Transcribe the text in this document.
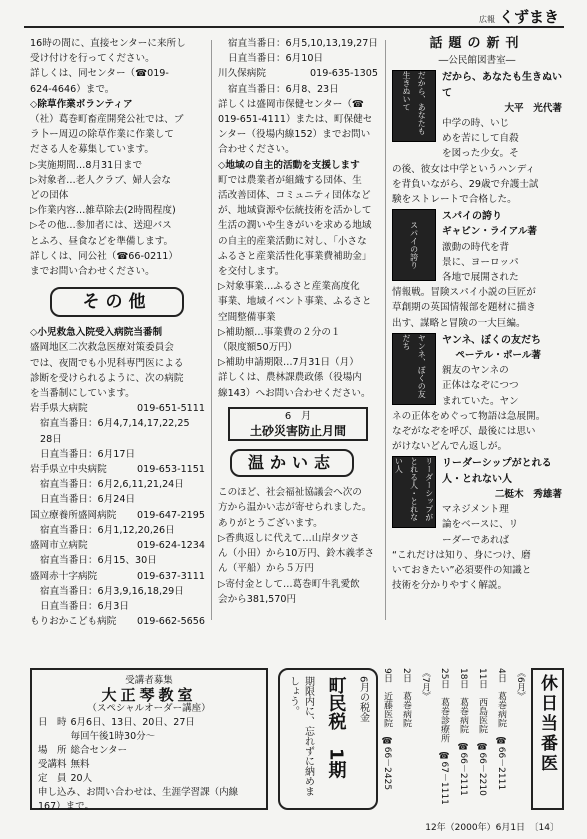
広報 くずまき

16時の間に、直接センターに来所し

受け付けを行ってください。

詳しくは、同センター（☎019-

624-4646）まで。

◇除草作業ボランティア

（社）葛巻町畜産開発公社では、ブ

ラ卜ー周辺の除草作業に作業して

ださる人を募集しています。

▷実施期間…8月31日まで

▷対象者…老人クラブ、婦人会な

どの団体

▷作業内容…雑草除去(2時間程度)

▷その他…参加者には、送迎バス

とふろ、昼食などを準備します。

詳しくは、同公社（☎66-0211）

までお問い合わせください。

その他

◇小児救急入院受入病院当番制

盛岡地区二次救急医療対策委員会

では、夜間でも小児科専門医による

診断を受けられるように、次の病院

を当番制にしています。

岩手県大病院	019-651-5111

宿直当番日：6月4,7,14,17,22,25

28日

日直当番日：6月17日

岩手県立中央病院	019-653-1151

宿直当番日：6月2,6,11,21,24日

日直当番日：6月24日

国立療養所盛岡病院 019-647-2195

宿直当番日：6月1,12,20,26日

盛岡市立病院	019-624-1234

宿直当番日：6月15、30日

盛岡赤十字病院	019-637-3111

宿直当番日：6月3,9,16,18,29日

日直当番日：6月3日

もりおかこども病院 019-662-5656

宿直当番日：6月5,10,13,19,27日

日直当番日：6月10日

川久保病院	019-635-1305

宿直当番日：6月8、23日

詳しくは盛岡市保健センター（☎

019-651-4111）または、町保健セ

ンター（役場内線152）までお問い

合わせください。

◇地域の自主的活動を支援します

町では農業者が組織する団体、生

活改善団体、コミュニティ団体など

が、地域資源や伝統技術を活かして

生活の潤いや生きがいを求める地域

の自主的産業活動に対し、「小さな

ふるさと産業活性化事業費補助金」

を交付します。

▷対象事業…ふるさと産業高度化

事業、地域イベント事業、ふるさと

空間整備事業

▷補助額…事業費の２分の１

（限度額50万円）

▷補助申請期限…7月31日（月）

詳しくは、農林課農政係（役場内

線143）へお問い合わせください。

6　月
土砂災害防止月間
温かい志

このほど、社会福祉協議会へ次の

方から温かい志が寄せられました。

ありがとうございます。

▷香典返しに代えて…山岸タツさ

ん（小田）から10万円、鈴木義孝さ

ん（平船）から５万円

▷寄付金として…葛巻町牛乳愛飲

会から381,570円

話題の新刊
―公民館図書室―
だから、あなたも生きぬいて	だから、あなたも生きぬいて
大平　光代著

中学の時、いじ

めを苦にして自殺

を図った少女。そ

の後、彼女は中学というハンディ

を背負いながら、29歳で弁護士試

験をストレートで合格した。

スパイの誇り
スパイの誇り
ギャビン・ライアル著

激動の時代を背

景に、ヨーロッパ

各地で展開された

情報戦。冒険スパイ小説の巨匠が

草創期の英国情報部を題材に描き

出す、謀略と冒険の一大巨編。

ヤンネ、ぼくの友だち	ヤンネ、ぼくの友だち
ペーテル・ポール著

親友のヤンネの

正体はなぞにつつ

まれていた。ヤン

ネの正体をめぐって物語は急展開。

なぞがなぞを呼び、最後には思い

がけないどんでん返しが。

リーダーシップがとれる人・とれない人	リーダーシップがとれる人・とれない人
二梃木　秀雄著

マネジメント理

論をベースに、リ

ーダーであれば

“これだけは知り、身につけ、磨

いておきたい”必須要件の知識と

技術を分かりやすく解説。

受講者募集
大正琴教室
（スペシャルオーダー講座）
日　時	6月6日、13日、20日、27日
	毎回午後1時30分～
場　所	総合センター
受講料	無料
定　員	20人
申し込み、お問い合わせは、生涯学習課（内線167）まで。
6月の税金
町民税　1期
期限内に、忘れずに納めましょう。	休日当番医
《6月》
4日　葛巻病院　☎66－2111
11日　西島医院　☎66－2210
18日　葛巻病院　☎66－2111
25日　葛巻診療所　☎67－1111
《7月》
2日　葛巻病院
9日　近藤医院　☎66－2425
12年（2000年）6月1日　〔14〕
